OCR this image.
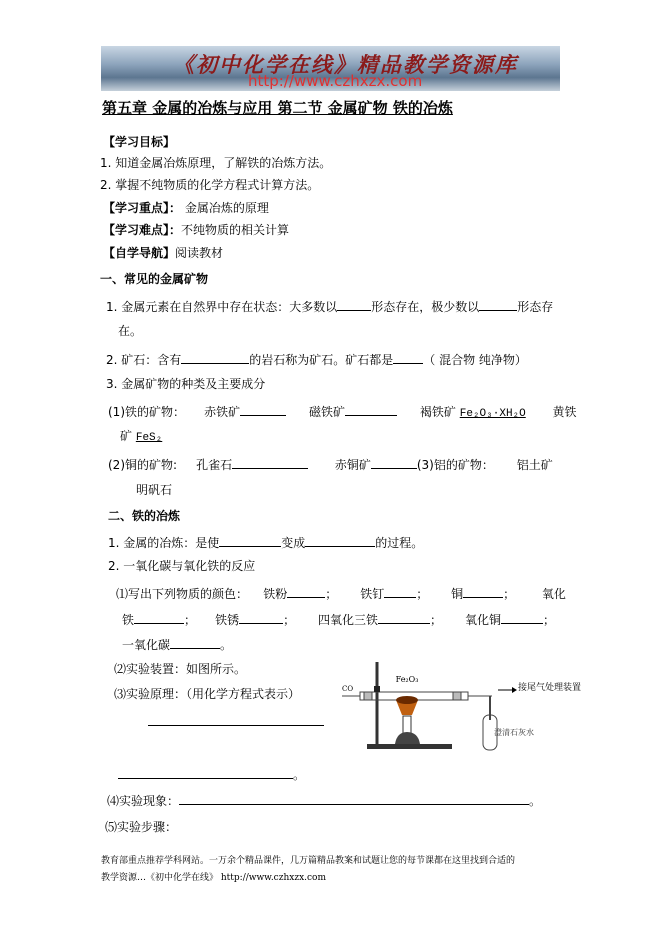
《初中化学在线》精品教学资源库
http://www.czhxzx.com
第五章 金属的冶炼与应用 第二节 金属矿物 铁的冶炼
【学习目标】
1. 知道金属冶炼原理，了解铁的冶炼方法。
2. 掌握不纯物质的化学方程式计算方法。
【学习重点】： 金属冶炼的原理
【学习难点】：不纯物质的相关计算
【自学导航】阅读教材
一、常见的金属矿物
1. 金属元素在自然界中存在状态：大多数以	形态存在，极少数以	形态存
在。
2. 矿石：含有	的岩石称为矿石。矿石都是	（ 混合物 纯净物）
3. 金属矿物的种类及主要成分
(1)铁的矿物： 赤铁矿	磁铁矿	褐铁矿 Fe₂O₃·XH₂O 黄铁
矿 FeS₂
(2)铜的矿物: 孔雀石	赤铜矿	(3)铝的矿物： 铝土矿
明矾石
二、铁的冶炼
1. 金属的冶炼：是使	变成	的过程。
2. 一氧化碳与氧化铁的反应
⑴写出下列物质的颜色： 铁粉	； 铁钉	； 铜	； 氧化
铁	； 铁锈	； 四氧化三铁	； 氧化铜	；
一氧化碳	。
⑵实验装置：如图所示。
⑶实验原理：（用化学方程式表示）
。
⑷实验现象：	。
⑸实验步骤：
Fe₂O₃
CO
澄清石灰水
接尾气处理装置
教育部重点推荐学科网站。一万余个精品课件，几万篇精品教案和试题让您的每节课都在这里找到合适的
教学资源…《初中化学在线》 http://www.czhxzx.com
